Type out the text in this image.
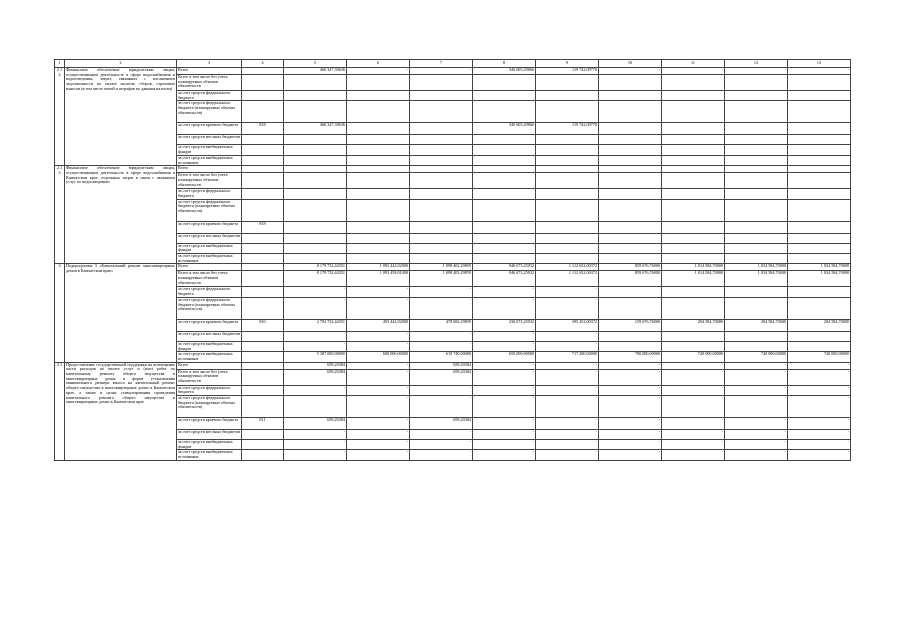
1	2	3	4	5	6	7	8	9	10	11	12	13
2.12	Финансовое обеспечение юридическим лицам, осуществляющим деятельность в сфере водоснабжения и водоотведения, затрат, связанных с погашением задолженности по оплате налогов, сборов, страховых взносов (в том числе пеней и штрафов по данным налогам)	Всего		466 347,39636	-	-	346 605,29866	119 742,09770	-	-	-	-
		Всего в том числе без учета планируемых объемов обязательств										
		за счет средств федерального бюджета										
		за счет средств федерального бюджета (планируемые объемы обязательств)										
		за счет средств краевого бюджета	818	466 347,39636			346 605,29866	119 742,09770				
		за счет средств местных бюджетов										
		за счет средств внебюджетных фондов										
		за счет средств внебюджетных источников										
2.13	Финансовое обеспечение юридическим лицам, осуществляющим деятельность в сфере водоснабжения в Камчатском крае, отдельных затрат в связи с оказанием услуг по водоотведению	Всего										
		Всего в том числе без учета планируемых объемов обязательств										
		за счет средств федерального бюджета										
		за счет средств федерального бюджета (планируемые объемы обязательств)										
		за счет средств краевого бюджета	818									
		за счет средств местных бюджетов										
		за счет средств внебюджетных фондов										
		за счет средств внебюджетных источников										
3	Подпрограмма 3 «Капитальный ремонт многоквартирных домов в Камчатском крае»	Всего		8 179 732,44351	1 093 442,02000	1 098 402,29859	946 673,25032	1 112 652,00372	859 676,76000	1 014 584,70000	1 034 584,70000	1 034 584,70000
		Всего в том числе без учета планируемых объемов обязательств		8 179 732,44351	1 093 458,01000	1 098 403,29859	946 673,25032	1 112 652,00372	859 676,76000	1 014 584,70000	1 034 584,70000	1 034 584,70000
		за счет средств федерального бюджета		-	-	-	-	-				
		за счет средств федерального бюджета (планируемые объемы обязательств)		-	-	-	-	-				
		за счет средств краевого бюджета	810	2 792 732,44351	493 442,02000	478 682,29859	236 673,25032	395 452,00372	159 676,76000	294 584,70000	294 584,70000	294 584,70000
		за счет средств местных бюджетов		-	-	-	-	-				
		за счет средств внебюджетных фондов		-	-	-	-	-				
		за счет средств внебюджетных источников		5 387 000,00000	600 000,00000	619 740,00000	650 000,00000	717 200,00000	700 000,00000	720 000,00000	740 000,00000	740 000,00000
3.1	Предоставление государственной поддержки на возмещение части расходов по оплате услуг и (или) работ по капитальному ремонту общего имущества в многоквартирных домах в форме установления минимального размера взноса на капитальный ремонт общего имущества в многоквартирных домах в Камчатском крае, а также в целях стимулирования проведения капитального ремонта общего имущества в многоквартирных домах в Камчатском крае	Всего		658,20384	-	658,20384	-	-	-	-	-	-
		Всего в том числе без учета планируемых объемов обязательств		658,20384	-	658,20384	-	-	-	-	-	-
		за счет средств федерального бюджета		-	-	-	-	-	-	-	-	-
		за счет средств федерального бюджета (планируемые объемы обязательств)		-	-	-	-	-	-	-	-	-
		за счет средств краевого бюджета	811	658,20384	-	658,20384	-	-	-	-	-	-
		за счет средств местных бюджетов		-	-	-	-	-	-	-	-	-
		за счет средств внебюджетных фондов		-	-	-	-	-	-	-	-	-
		за счет средств внебюджетных источников		-	-	-	-	-	-	-	-	-
